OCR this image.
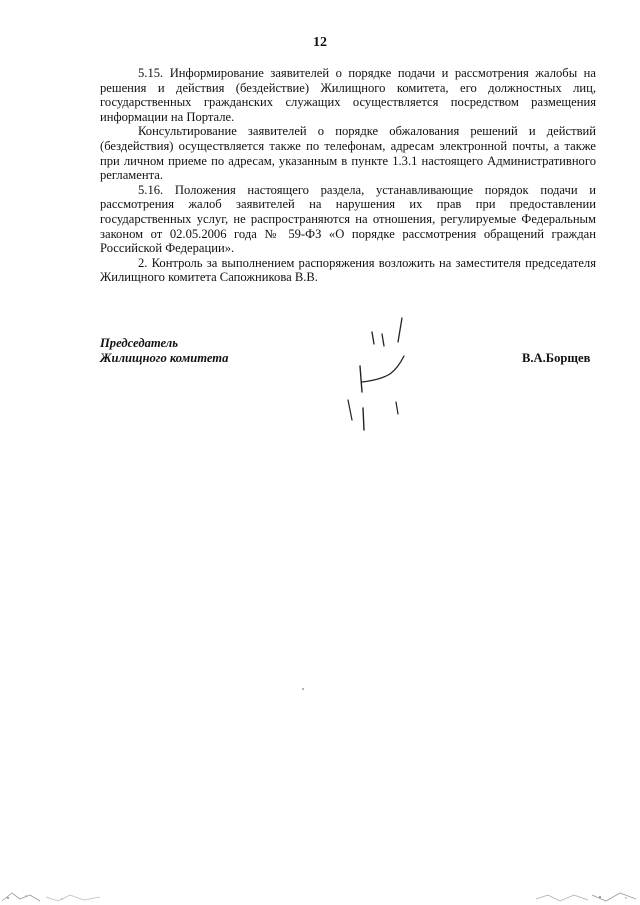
12

5.15. Информирование заявителей о порядке подачи и рассмотрения жалобы на решения и действия (бездействие) Жилищного комитета, его должностных лиц, государственных гражданских служащих осуществляется посредством размещения информации на Портале.

Консультирование заявителей о порядке обжалования решений и действий (бездействия) осуществляется также по телефонам, адресам электронной почты, а также при личном приеме по адресам, указанным в пункте 1.3.1 настоящего Административного регламента.

5.16. Положения настоящего раздела, устанавливающие порядок подачи и рассмотрения жалоб заявителей на нарушения их прав при предоставлении государственных услуг, не распространяются на отношения, регулируемые Федеральным законом от 02.05.2006 года № 59-ФЗ «О порядке рассмотрения обращений граждан Российской Федерации».

2. Контроль за выполнением распоряжения возложить на заместителя председателя Жилищного комитета Сапожникова В.В.

Председатель
Жилищного комитета	В.А.Борщев
